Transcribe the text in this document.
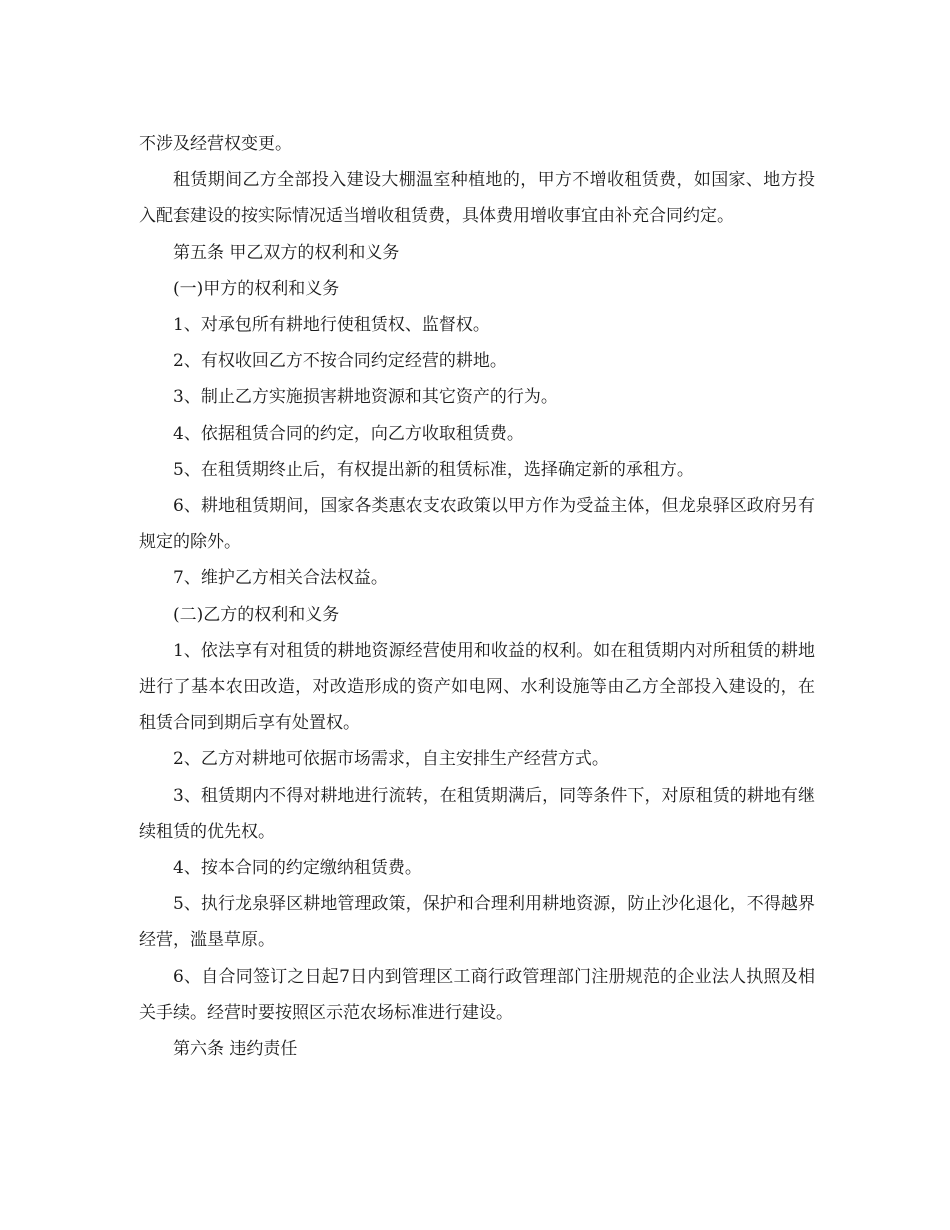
不涉及经营权变更。

租赁期间乙方全部投入建设大棚温室种植地的，甲方不增收租赁费，如国家、地方投入配套建设的按实际情况适当增收租赁费，具体费用增收事宜由补充合同约定。

第五条 甲乙双方的权利和义务

(一)甲方的权利和义务

1、对承包所有耕地行使租赁权、监督权。

2、有权收回乙方不按合同约定经营的耕地。

3、制止乙方实施损害耕地资源和其它资产的行为。

4、依据租赁合同的约定，向乙方收取租赁费。

5、在租赁期终止后，有权提出新的租赁标准，选择确定新的承租方。

6、耕地租赁期间，国家各类惠农支农政策以甲方作为受益主体，但龙泉驿区政府另有规定的除外。

7、维护乙方相关合法权益。

(二)乙方的权利和义务

1、依法享有对租赁的耕地资源经营使用和收益的权利。如在租赁期内对所租赁的耕地进行了基本农田改造，对改造形成的资产如电网、水利设施等由乙方全部投入建设的，在租赁合同到期后享有处置权。

2、乙方对耕地可依据市场需求，自主安排生产经营方式。

3、租赁期内不得对耕地进行流转，在租赁期满后，同等条件下，对原租赁的耕地有继续租赁的优先权。

4、按本合同的约定缴纳租赁费。

5、执行龙泉驿区耕地管理政策，保护和合理利用耕地资源，防止沙化退化，不得越界经营，滥垦草原。

6、自合同签订之日起7日内到管理区工商行政管理部门注册规范的企业法人执照及相关手续。经营时要按照区示范农场标准进行建设。

第六条 违约责任
